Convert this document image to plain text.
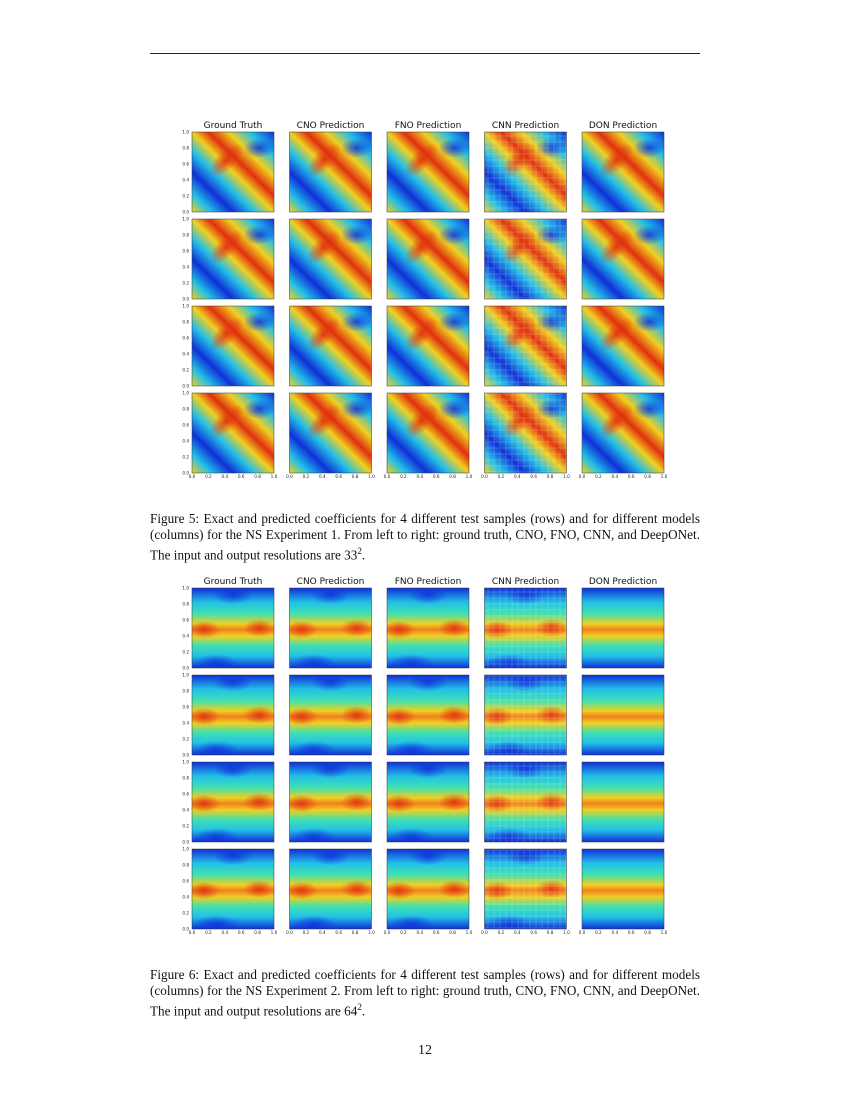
Ground Truth	CNO Prediction	FNO Prediction	CNN Prediction	DON Prediction
1.0
0.8
0.6
0.4
0.2
0.0
1.0
0.8
0.6
0.4
0.2
0.0
1.0
0.8
0.6
0.4
0.2
0.0
1.0
0.8
0.6
0.4
0.2
0.0
0.0 0.2 0.4 0.6 0.8 1.0 0.0 0.2 0.4 0.6 0.8 1.0 0.0 0.2 0.4 0.6 0.8 1.0 0.0 0.2 0.4 0.6 0.8 1.0 0.0 0.2 0.4 0.6 0.8 1.0
Figure 5: Exact and predicted coefficients for 4 different test samples (rows) and for different models (columns) for the NS Experiment 1. From left to right: ground truth, CNO, FNO, CNN, and DeepONet. The input and output resolutions are $33^2$.
Ground Truth	CNO Prediction	FNO Prediction	CNN Prediction	DON Prediction
1.0
0.8
0.6
0.4
0.2
0.0
1.0
0.8
0.6
0.4
0.2
0.0
1.0
0.8
0.6
0.4
0.2
0.0
1.0
0.8
0.6
0.4
0.2
0.0
0.0 0.2 0.4 0.6 0.8 1.0 0.0 0.2 0.4 0.6 0.8 1.0 0.0 0.2 0.4 0.6 0.8 1.0 0.0 0.2 0.4 0.6 0.8 1.0 0.0 0.2 0.4 0.6 0.8 1.0
Figure 6: Exact and predicted coefficients for 4 different test samples (rows) and for different models (columns) for the NS Experiment 2. From left to right: ground truth, CNO, FNO, CNN, and DeepONet. The input and output resolutions are $64^2$.
12
